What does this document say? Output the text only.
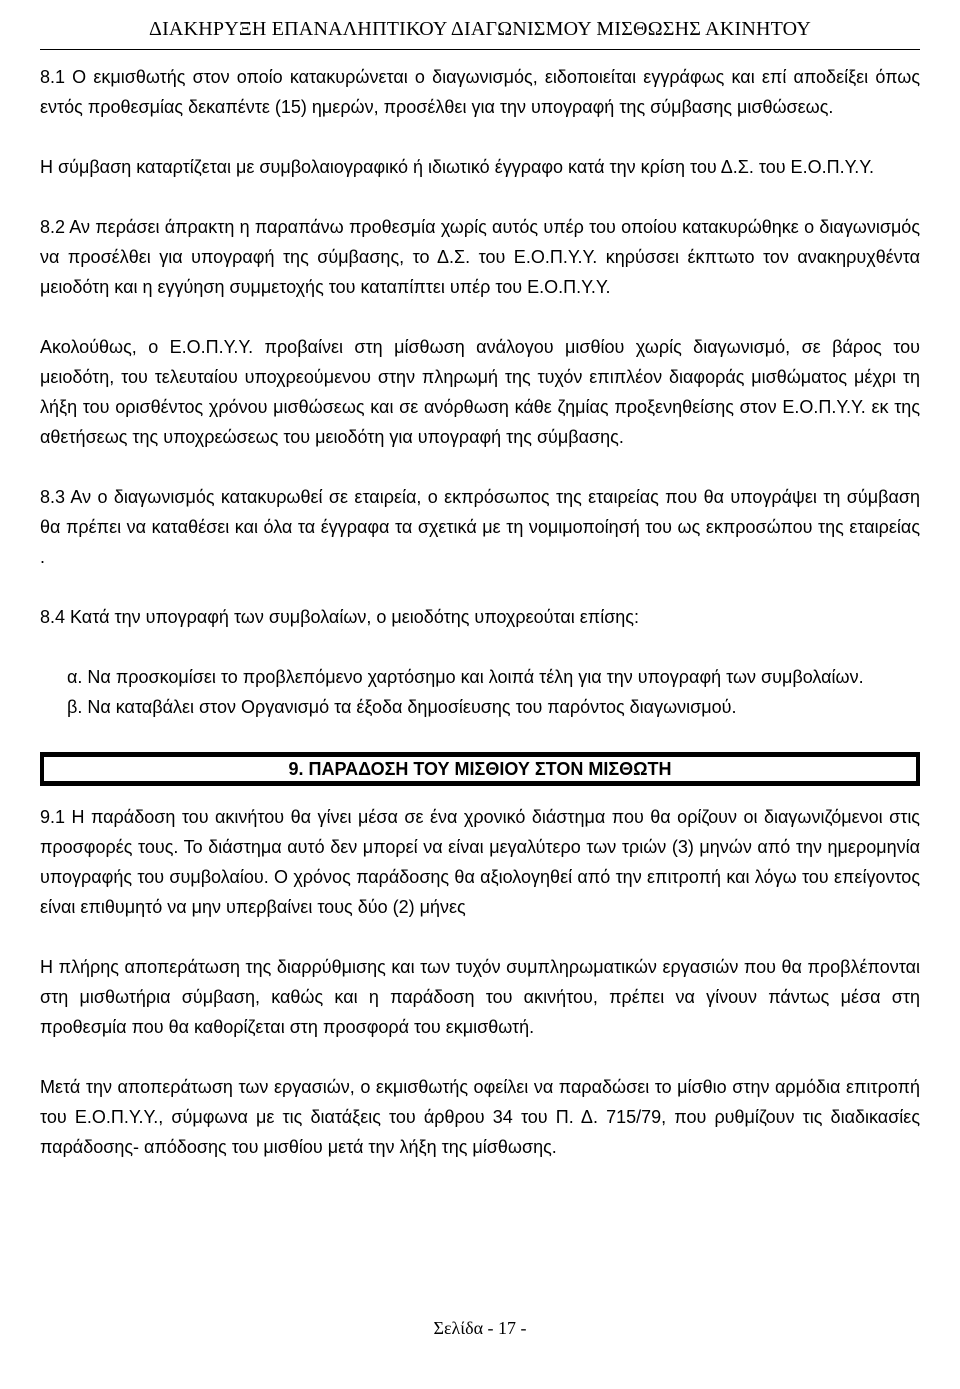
ΔΙΑΚΗΡΥΞΗ ΕΠΑΝΑΛΗΠΤΙΚΟΥ ΔΙΑΓΩΝΙΣΜΟΥ ΜΙΣΘΩΣΗΣ ΑΚΙΝΗΤΟΥ

8.1 Ο εκμισθωτής στον οποίο κατακυρώνεται ο διαγωνισμός, ειδοποιείται εγγράφως και επί αποδείξει όπως εντός προθεσμίας δεκαπέντε (15) ημερών, προσέλθει για την υπογραφή της σύμβασης μισθώσεως.

Η σύμβαση καταρτίζεται με συμβολαιογραφικό ή ιδιωτικό έγγραφο κατά την κρίση του Δ.Σ. του Ε.Ο.Π.Υ.Υ.

8.2 Αν περάσει άπρακτη η παραπάνω προθεσμία χωρίς αυτός υπέρ του οποίου κατακυρώθηκε ο διαγωνισμός να προσέλθει για υπογραφή της σύμβασης, το Δ.Σ. του Ε.Ο.Π.Υ.Υ. κηρύσσει έκπτωτο τον ανακηρυχθέντα μειοδότη και η εγγύηση συμμετοχής του καταπίπτει υπέρ του Ε.Ο.Π.Υ.Υ.

Ακολούθως, ο Ε.Ο.Π.Υ.Υ. προβαίνει στη μίσθωση ανάλογου μισθίου χωρίς διαγωνισμό, σε βάρος του μειοδότη, του τελευταίου υποχρεούμενου στην πληρωμή της τυχόν επιπλέον διαφοράς μισθώματος μέχρι τη λήξη του ορισθέντος χρόνου μισθώσεως και σε ανόρθωση κάθε ζημίας προξενηθείσης στον Ε.Ο.Π.Υ.Υ. εκ της αθετήσεως της υποχρεώσεως του μειοδότη για υπογραφή της σύμβασης.

8.3 Αν ο διαγωνισμός κατακυρωθεί σε εταιρεία, ο εκπρόσωπος της εταιρείας που θα υπογράψει τη σύμβαση θα πρέπει να καταθέσει και όλα τα έγγραφα τα σχετικά με τη νομιμοποίησή του ως εκπροσώπου της εταιρείας .

8.4 Κατά την υπογραφή των συμβολαίων, ο μειοδότης υποχρεούται επίσης:

α. Να προσκομίσει το προβλεπόμενο χαρτόσημο και λοιπά τέλη για την υπογραφή των συμβολαίων.

β. Να καταβάλει στον Οργανισμό τα έξοδα δημοσίευσης του παρόντος διαγωνισμού.

9. ΠΑΡΑΔΟΣΗ ΤΟΥ ΜΙΣΘΙΟΥ ΣΤΟΝ ΜΙΣΘΩΤΗ

9.1 Η παράδοση του ακινήτου θα γίνει μέσα σε ένα χρονικό διάστημα που θα ορίζουν οι διαγωνιζόμενοι στις προσφορές τους. Το διάστημα αυτό δεν μπορεί να είναι μεγαλύτερο των τριών (3) μηνών από την ημερομηνία υπογραφής του συμβολαίου. Ο χρόνος παράδοσης θα αξιολογηθεί από την επιτροπή και λόγω του επείγοντος είναι επιθυμητό να μην υπερβαίνει τους δύο (2) μήνες

Η πλήρης αποπεράτωση της διαρρύθμισης και των τυχόν συμπληρωματικών εργασιών που θα προβλέπονται στη μισθωτήρια σύμβαση, καθώς και η παράδοση του ακινήτου, πρέπει να γίνουν πάντως μέσα στη προθεσμία που θα καθορίζεται στη προσφορά του εκμισθωτή.

Μετά την αποπεράτωση των εργασιών, ο εκμισθωτής οφείλει να παραδώσει το μίσθιο στην αρμόδια επιτροπή του Ε.Ο.Π.Υ.Υ., σύμφωνα με τις διατάξεις του άρθρου 34 του Π. Δ. 715/79, που ρυθμίζουν τις διαδικασίες παράδοσης- απόδοσης του μισθίου μετά την λήξη της μίσθωσης.

Σελίδα - 17 -
